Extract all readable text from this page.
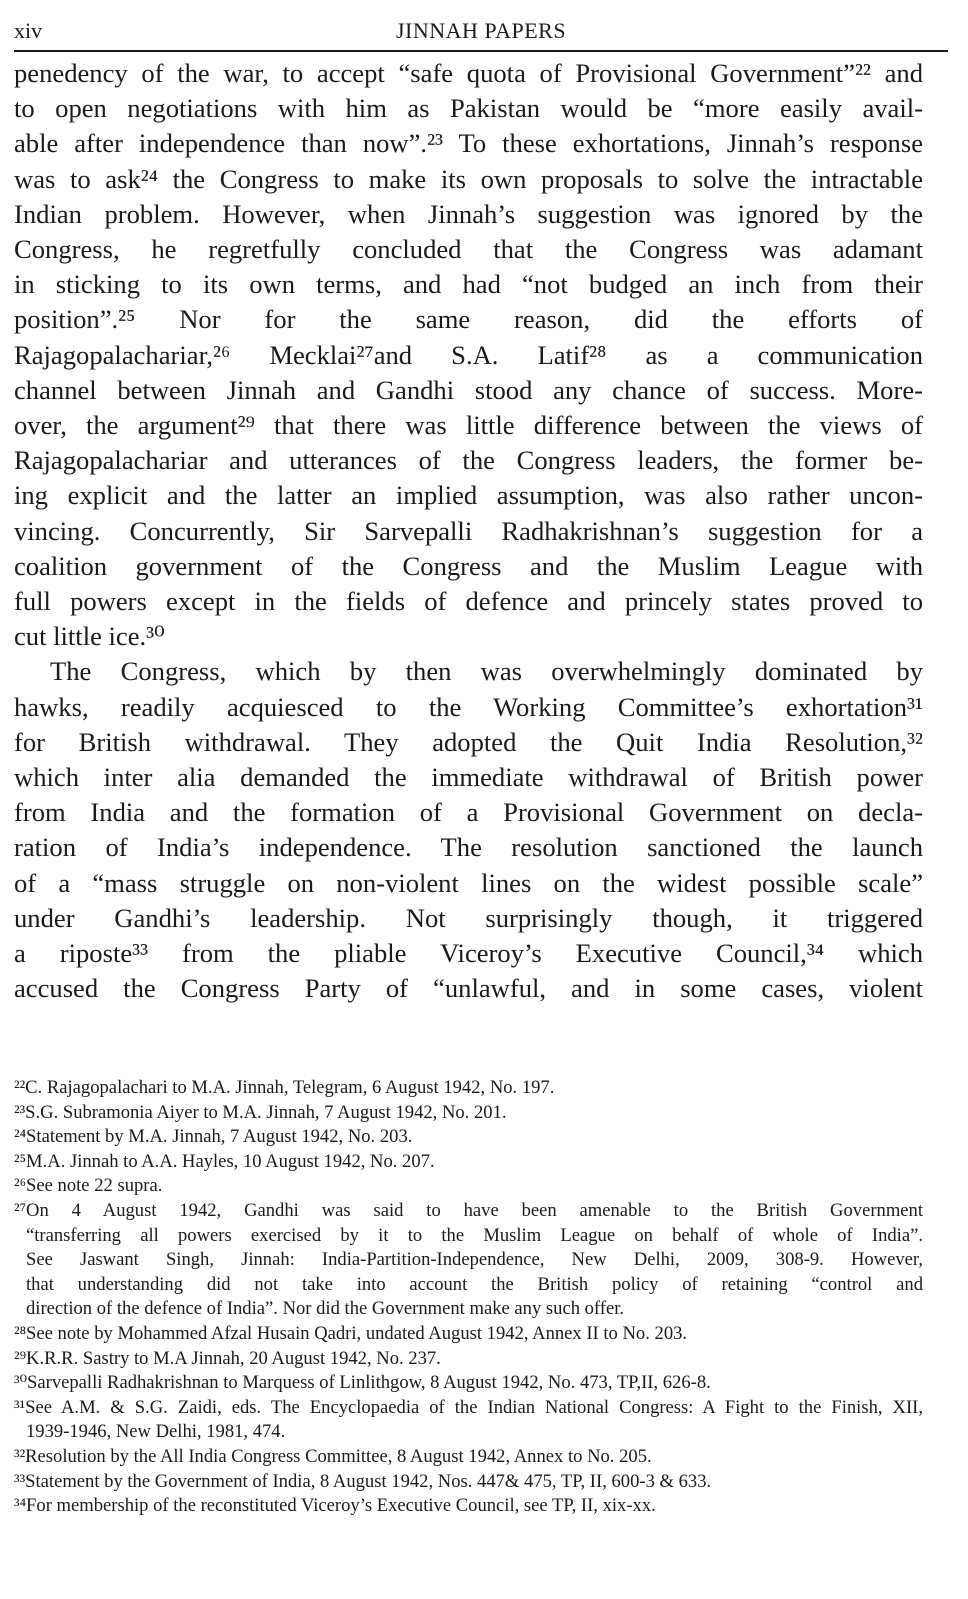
xiv	JINNAH PAPERS
penedency of the war, to accept “safe quota of Provisional Government”²² and
to open negotiations with him as Pakistan would be “more easily avail-
able after independence than now”.²³ To these exhortations, Jinnah’s response
was to ask²⁴ the Congress to make its own proposals to solve the intractable
Indian problem. However, when Jinnah’s suggestion was ignored by the
Congress, he regretfully concluded that the Congress was adamant
in sticking to its own terms, and had “not budged an inch from their
position”.²⁵ Nor for the same reason, did the efforts of
Rajagopalachariar,²⁶ Mecklai²⁷and S.A. Latif²⁸ as a communication
channel between Jinnah and Gandhi stood any chance of success. More-
over, the argument²⁹ that there was little difference between the views of
Rajagopalachariar and utterances of the Congress leaders, the former be-
ing explicit and the latter an implied assumption, was also rather uncon-
vincing. Concurrently, Sir Sarvepalli Radhakrishnan’s suggestion for a
coalition government of the Congress and the Muslim League with
full powers except in the fields of defence and princely states proved to
cut little ice.³⁰
The Congress, which by then was overwhelmingly dominated by
hawks, readily acquiesced to the Working Committee’s exhortation³¹
for British withdrawal. They adopted the Quit India Resolution,³²
which inter alia demanded the immediate withdrawal of British power
from India and the formation of a Provisional Government on decla-
ration of India’s independence. The resolution sanctioned the launch
of a “mass struggle on non-violent lines on the widest possible scale”
under Gandhi’s leadership. Not surprisingly though, it triggered
a riposte³³ from the pliable Viceroy’s Executive Council,³⁴ which
accused the Congress Party of “unlawful, and in some cases, violent
²²C. Rajagopalachari to M.A. Jinnah, Telegram, 6 August 1942, No. 197.
²³S.G. Subramonia Aiyer to M.A. Jinnah, 7 August 1942, No. 201.
²⁴Statement by M.A. Jinnah, 7 August 1942, No. 203.
²⁵M.A. Jinnah to A.A. Hayles, 10 August 1942, No. 207.
²⁶See note 22 supra.
²⁷On 4 August 1942, Gandhi was said to have been amenable to the British Government
“transferring all powers exercised by it to the Muslim League on behalf of whole of India”.
See Jaswant Singh, Jinnah: India-Partition-Independence, New Delhi, 2009, 308-9. However,
that understanding did not take into account the British policy of retaining “control and
direction of the defence of India”. Nor did the Government make any such offer.
²⁸See note by Mohammed Afzal Husain Qadri, undated August 1942, Annex II to No. 203.
²⁹K.R.R. Sastry to M.A Jinnah, 20 August 1942, No. 237.
³⁰Sarvepalli Radhakrishnan to Marquess of Linlithgow, 8 August 1942, No. 473, TP,II, 626-8.
³¹See A.M. & S.G. Zaidi, eds. The Encyclopaedia of the Indian National Congress: A Fight to the Finish, XII,
1939-1946, New Delhi, 1981, 474.
³²Resolution by the All India Congress Committee, 8 August 1942, Annex to No. 205.
³³Statement by the Government of India, 8 August 1942, Nos. 447& 475, TP, II, 600-3 & 633.
³⁴For membership of the reconstituted Viceroy’s Executive Council, see TP, II, xix-xx.
